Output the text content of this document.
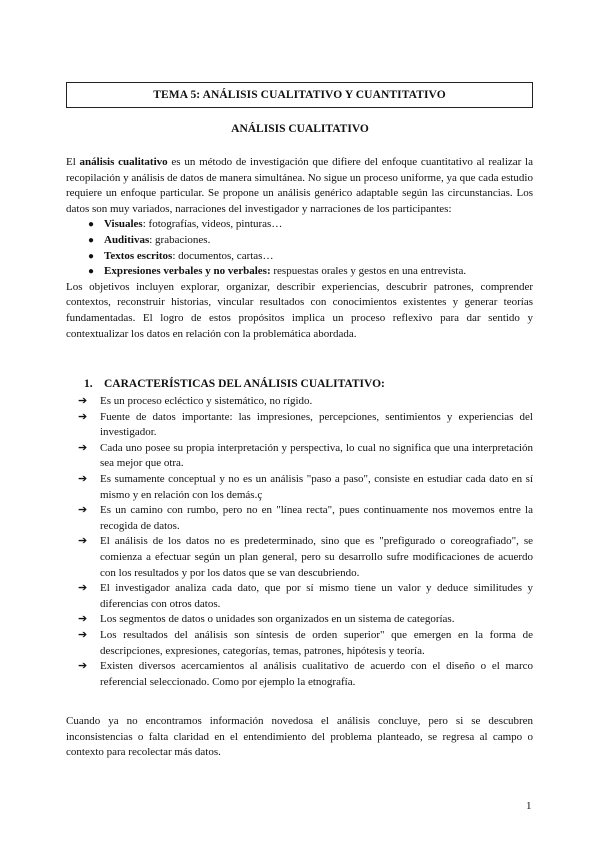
TEMA 5: ANÁLISIS CUALITATIVO Y CUANTITATIVO
ANÁLISIS CUALITATIVO

El análisis cualitativo es un método de investigación que difiere del enfoque cuantitativo al realizar la recopilación y análisis de datos de manera simultánea. No sigue un proceso uniforme, ya que cada estudio requiere un enfoque particular. Se propone un análisis genérico adaptable según las circunstancias. Los datos son muy variados, narraciones del investigador y narraciones de los participantes:

● Visuales: fotografías, videos, pinturas…
● Auditivas: grabaciones.
● Textos escritos: documentos, cartas…
● Expresiones verbales y no verbales: respuestas orales y gestos en una entrevista.

Los objetivos incluyen explorar, organizar, describir experiencias, descubrir patrones, comprender contextos, reconstruir historias, vincular resultados con conocimientos existentes y generar teorías fundamentadas. El logro de estos propósitos implica un proceso reflexivo para dar sentido y contextualizar los datos en relación con la problemática abordada.

1. CARACTERÍSTICAS DEL ANÁLISIS CUALITATIVO:
➔ Es un proceso ecléctico y sistemático, no rígido.
➔ Fuente de datos importante: las impresiones, percepciones, sentimientos y experiencias del investigador.
➔ Cada uno posee su propia interpretación y perspectiva, lo cual no significa que una interpretación sea mejor que otra.
➔ Es sumamente conceptual y no es un análisis "paso a paso", consiste en estudiar cada dato en sí mismo y en relación con los demás.ç
➔ Es un camino con rumbo, pero no en "línea recta", pues continuamente nos movemos entre la recogida de datos.
➔ El análisis de los datos no es predeterminado, sino que es "prefigurado o coreografiado", se comienza a efectuar según un plan general, pero su desarrollo sufre modificaciones de acuerdo con los resultados y por los datos que se van descubriendo.
➔ El investigador analiza cada dato, que por sí mismo tiene un valor y deduce similitudes y diferencias con otros datos.
➔ Los segmentos de datos o unidades son organizados en un sistema de categorías.
➔ Los resultados del análisis son síntesis de orden superior" que emergen en la forma de descripciones, expresiones, categorías, temas, patrones, hipótesis y teoría.
➔ Existen diversos acercamientos al análisis cualitativo de acuerdo con el diseño o el marco referencial seleccionado. Como por ejemplo la etnografía.

Cuando ya no encontramos información novedosa el análisis concluye, pero si se descubren inconsistencias o falta claridad en el entendimiento del problema planteado, se regresa al campo o contexto para recolectar más datos.

1
